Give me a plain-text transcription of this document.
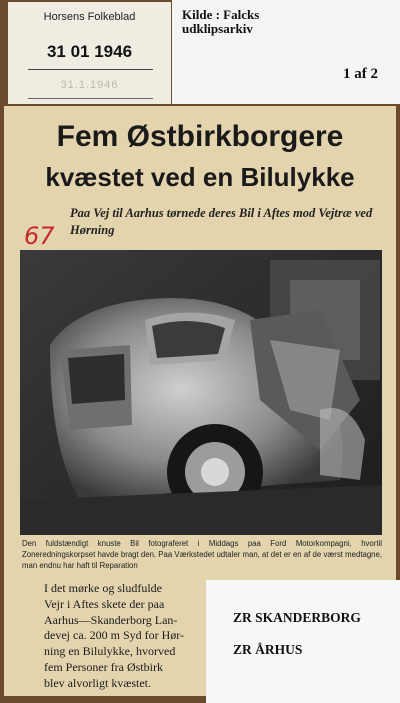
Horsens Folkeblad
31 01 1946
31.1.1946
Kilde : Falcks
udklipsarkiv
1 af 2
Fem Østbirkborgere
kvæstet ved en Bilulykke
Paa Vej til Aarhus tørnede deres Bil i Aftes mod Vejtræ ved Hørning
67
Den fuldstændigt knuste Bil fotograferet i Middags paa Ford Motorkompagni, hvortil Zoneredningskorpset havde bragt den. Paa Værkstedet udtaler man, at det er en af de værst medtagne, man endnu har haft til Reparation
I det mørke og sludfulde
Vejr i Aftes skete der paa
Aarhus—Skanderborg Lan-
devej ca. 200 m Syd for Hør-
ning en Bilulykke, hvorved
fem Personer fra Østbirk
blev alvorligt kvæstet.
ZR SKANDERBORG
ZR ÅRHUS
